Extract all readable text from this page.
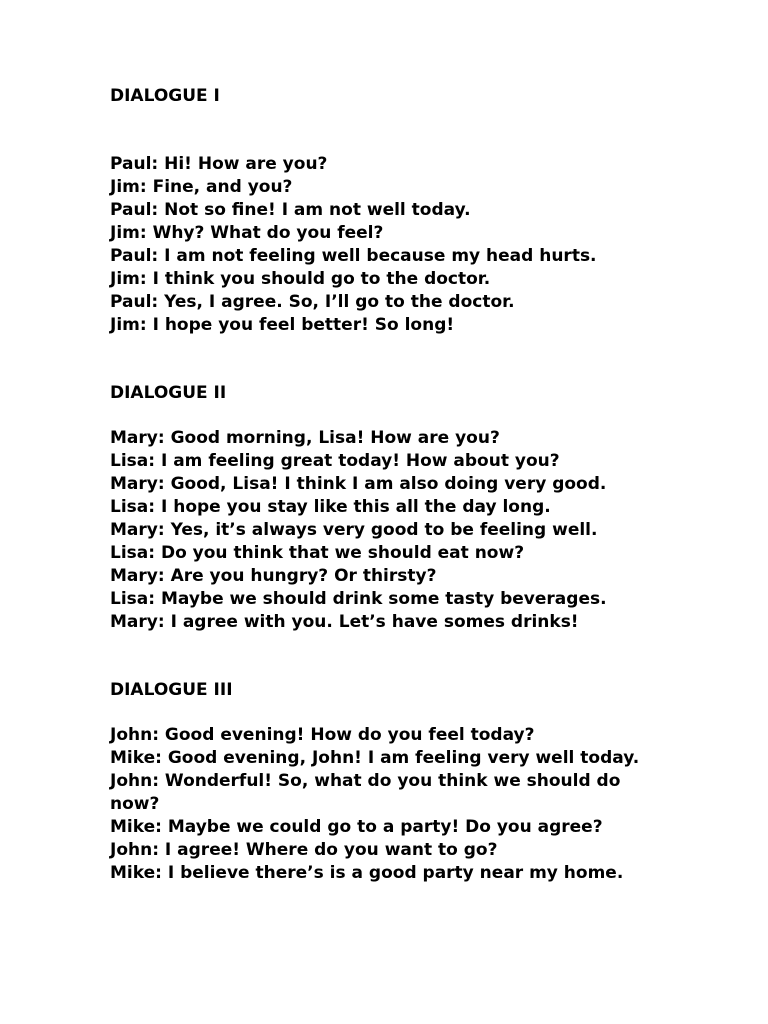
DIALOGUE I
Paul: Hi! How are you?
Jim: Fine, and you?
Paul: Not so fine! I am not well today.
Jim: Why? What do you feel?
Paul: I am not feeling well because my head hurts.
Jim: I think you should go to the doctor.
Paul: Yes, I agree. So, I’ll go to the doctor.
Jim: I hope you feel better! So long!
DIALOGUE II
Mary: Good morning, Lisa! How are you?
Lisa: I am feeling great today! How about you?
Mary: Good, Lisa! I think I am also doing very good.
Lisa: I hope you stay like this all the day long.
Mary: Yes, it’s always very good to be feeling well.
Lisa: Do you think that we should eat now?
Mary: Are you hungry? Or thirsty?
Lisa: Maybe we should drink some tasty beverages.
Mary: I agree with you. Let’s have somes drinks!
DIALOGUE III
John: Good evening! How do you feel today?
Mike: Good evening, John! I am feeling very well today.
John: Wonderful! So, what do you think we should do now?
Mike: Maybe we could go to a party! Do you agree?
John: I agree! Where do you want to go?
Mike: I believe there’s is a good party near my home.
